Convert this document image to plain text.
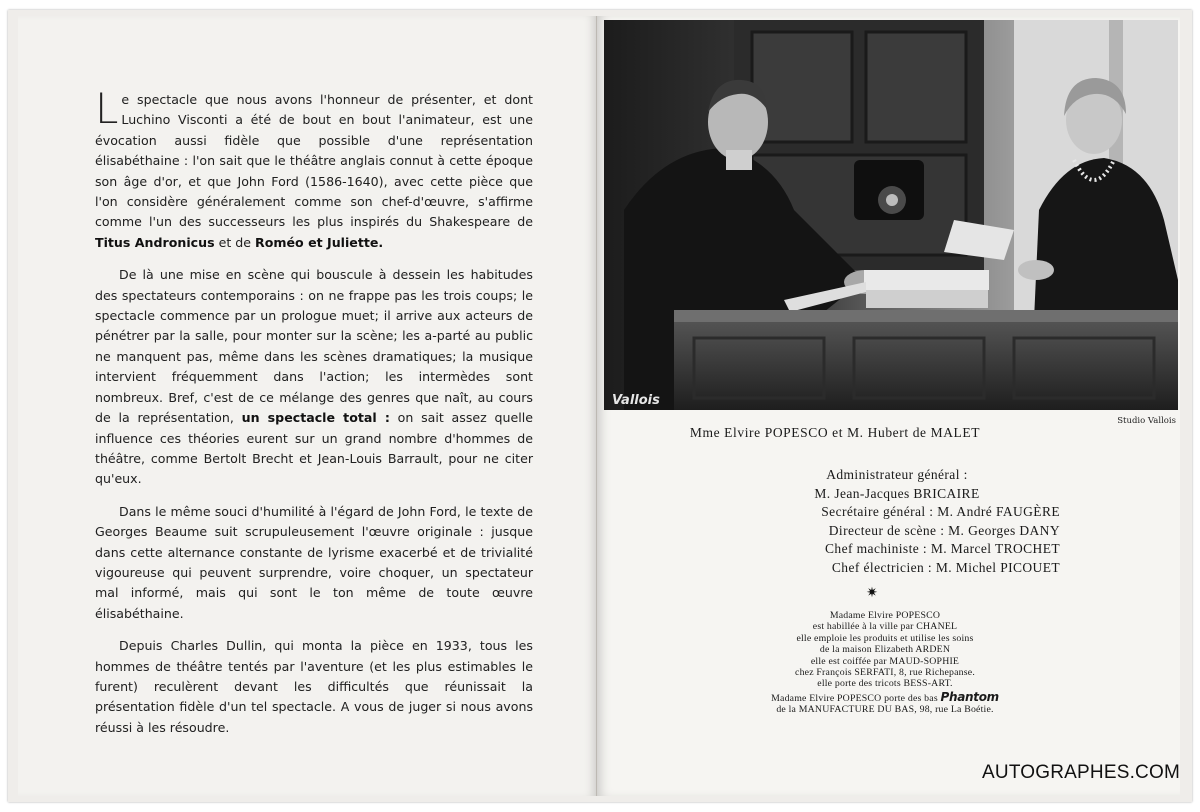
Le spectacle que nous avons l'honneur de présenter, et dont Luchino Visconti a été de bout en bout l'animateur, est une évocation aussi fidèle que possible d'une représentation élisabéthaine : l'on sait que le théâtre anglais connut à cette époque son âge d'or, et que John Ford (1586-1640), avec cette pièce que l'on considère généralement comme son chef-d'œuvre, s'affirme comme l'un des successeurs les plus inspirés du Shakespeare de Titus Andronicus et de Roméo et Juliette.

De là une mise en scène qui bouscule à dessein les habitudes des spectateurs contemporains : on ne frappe pas les trois coups; le spectacle commence par un prologue muet; il arrive aux acteurs de pénétrer par la salle, pour monter sur la scène; les a-parté au public ne manquent pas, même dans les scènes dramatiques; la musique intervient fréquemment dans l'action; les intermèdes sont nombreux. Bref, c'est de ce mélange des genres que naît, au cours de la représentation, un spectacle total : on sait assez quelle influence ces théories eurent sur un grand nombre d'hommes de théâtre, comme Bertolt Brecht et Jean-Louis Barrault, pour ne citer qu'eux.

Dans le même souci d'humilité à l'égard de John Ford, le texte de Georges Beaume suit scrupuleusement l'œuvre originale : jusque dans cette alternance constante de lyrisme exacerbé et de trivialité vigoureuse qui peuvent surprendre, voire choquer, un spectateur mal informé, mais qui sont le ton même de toute œuvre élisabéthaine.

Depuis Charles Dullin, qui monta la pièce en 1933, tous les hommes de théâtre tentés par l'aventure (et les plus estimables le furent) reculèrent devant les difficultés que réunissait la présentation fidèle d'un tel spectacle. A vous de juger si nous avons réussi à les résoudre.

Vallois
Studio Vallois
Mme Elvire POPESCO et M. Hubert de MALET
Administrateur général :
M. Jean-Jacques BRICAIRE
Secrétaire général : M. André FAUGÈRE
Directeur de scène : M. Georges DANY
Chef machiniste : M. Marcel TROCHET
Chef électricien : M. Michel PICOUET
✷
Madame Elvire POPESCO
est habillée à la ville par CHANEL
elle emploie les produits et utilise les soins
de la maison Elizabeth ARDEN
elle est coiffée par MAUD-SOPHIE
chez François SERFATI, 8, rue Richepanse.
elle porte des tricots BESS-ART.
Madame Elvire POPESCO porte des bas Phantom
de la MANUFACTURE DU BAS, 98, rue La Boétie.
AUTOGRAPHES.COM
